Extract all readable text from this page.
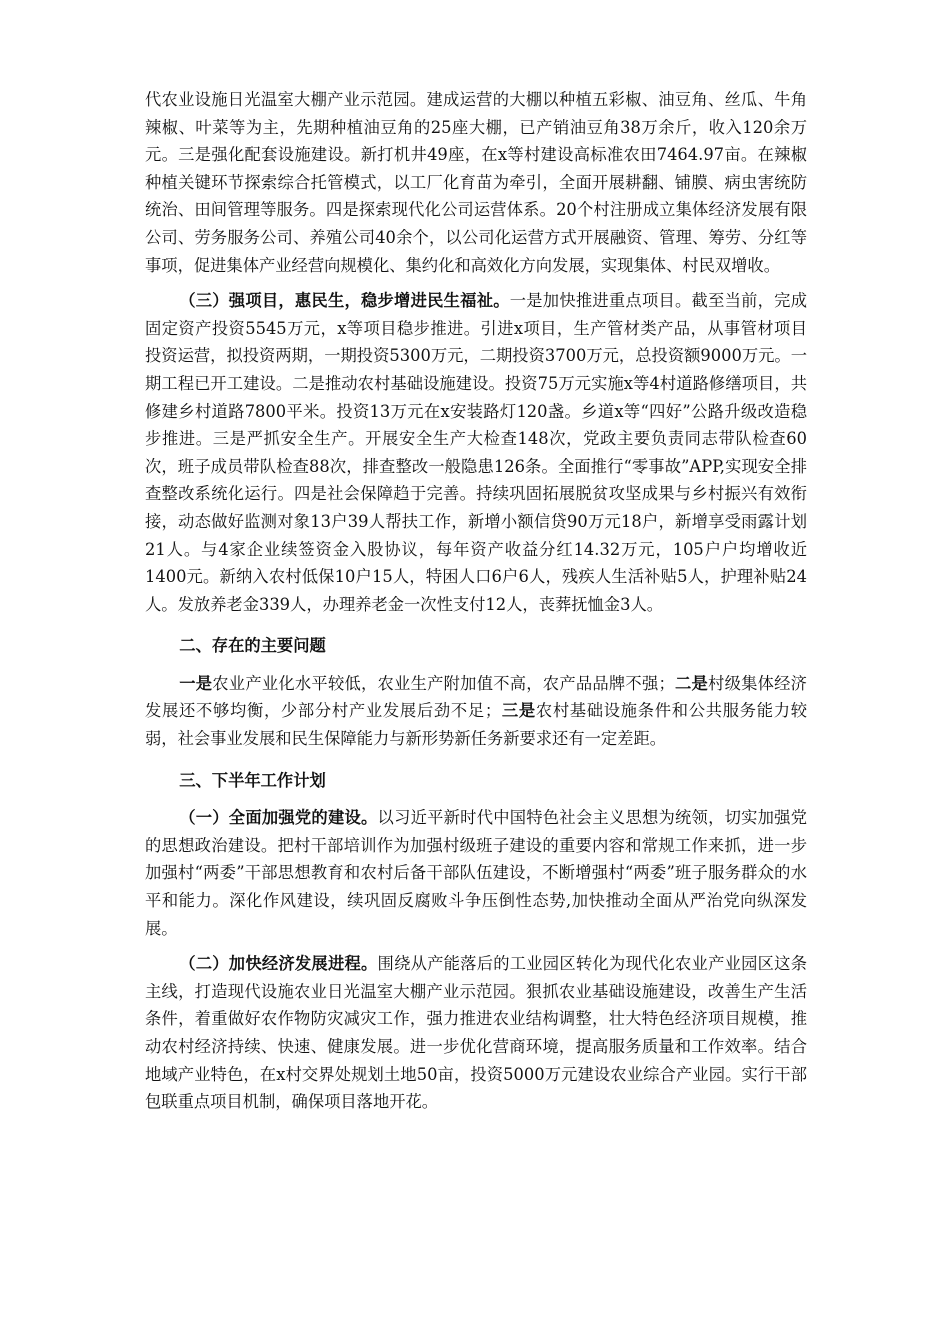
代农业设施日光温室大棚产业示范园。建成运营的大棚以种植五彩椒、油豆角、丝瓜、牛角辣椒、叶菜等为主，先期种植油豆角的25座大棚，已产销油豆角38万余斤，收入120余万元。三是强化配套设施建设。新打机井49座，在x等村建设高标准农田7464.97亩。在辣椒种植关键环节探索综合托管模式，以工厂化育苗为牵引，全面开展耕翻、铺膜、病虫害统防统治、田间管理等服务。四是探索现代化公司运营体系。20个村注册成立集体经济发展有限公司、劳务服务公司、养殖公司40余个，以公司化运营方式开展融资、管理、筹劳、分红等事项，促进集体产业经营向规模化、集约化和高效化方向发展，实现集体、村民双增收。

（三）强项目，惠民生，稳步增进民生福祉。一是加快推进重点项目。截至当前，完成固定资产投资5545万元，x等项目稳步推进。引进x项目，生产管材类产品，从事管材项目投资运营，拟投资两期，一期投资5300万元，二期投资3700万元，总投资额9000万元。一期工程已开工建设。二是推动农村基础设施建设。投资75万元实施x等4村道路修缮项目，共修建乡村道路7800平米。投资13万元在x安装路灯120盏。乡道x等“四好”公路升级改造稳步推进。三是严抓安全生产。开展安全生产大检查148次，党政主要负责同志带队检查60次，班子成员带队检查88次，排查整改一般隐患126条。全面推行“零事故”APP,实现安全排查整改系统化运行。四是社会保障趋于完善。持续巩固拓展脱贫攻坚成果与乡村振兴有效衔接，动态做好监测对象13户39人帮扶工作，新增小额信贷90万元18户，新增享受雨露计划21人。与4家企业续签资金入股协议，每年资产收益分红14.32万元，105户户均增收近1400元。新纳入农村低保10户15人，特困人口6户6人，残疾人生活补贴5人，护理补贴24人。发放养老金339人，办理养老金一次性支付12人，丧葬抚恤金3人。

二、存在的主要问题

一是农业产业化水平较低，农业生产附加值不高，农产品品牌不强；二是村级集体经济发展还不够均衡，少部分村产业发展后劲不足；三是农村基础设施条件和公共服务能力较弱，社会事业发展和民生保障能力与新形势新任务新要求还有一定差距。

三、下半年工作计划

（一）全面加强党的建设。以习近平新时代中国特色社会主义思想为统领，切实加强党的思想政治建设。把村干部培训作为加强村级班子建设的重要内容和常规工作来抓，进一步加强村“两委”干部思想教育和农村后备干部队伍建设，不断增强村“两委”班子服务群众的水平和能力。深化作风建设，续巩固反腐败斗争压倒性态势,加快推动全面从严治党向纵深发展。

（二）加快经济发展进程。围绕从产能落后的工业园区转化为现代化农业产业园区这条主线，打造现代设施农业日光温室大棚产业示范园。狠抓农业基础设施建设，改善生产生活条件，着重做好农作物防灾减灾工作，强力推进农业结构调整，壮大特色经济项目规模，推动农村经济持续、快速、健康发展。进一步优化营商环境，提高服务质量和工作效率。结合地域产业特色，在x村交界处规划土地50亩，投资5000万元建设农业综合产业园。实行干部包联重点项目机制，确保项目落地开花。
